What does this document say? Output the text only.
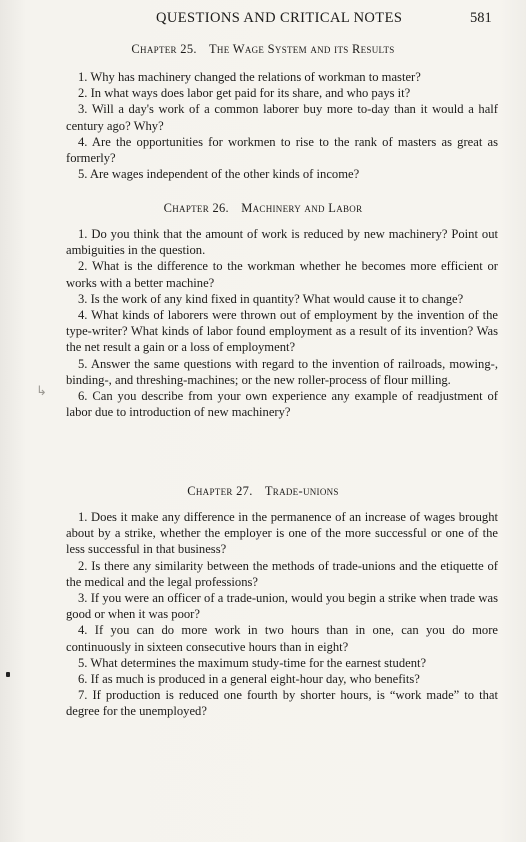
QUESTIONS AND CRITICAL NOTES	581
Chapter 25. The Wage System and its Results

1. Why has machinery changed the relations of workman to master?

2. In what ways does labor get paid for its share, and who pays it?

3. Will a day's work of a common laborer buy more to-day than it would a half century ago? Why?

4. Are the opportunities for workmen to rise to the rank of masters as great as formerly?

5. Are wages independent of the other kinds of income?

Chapter 26. Machinery and Labor

1. Do you think that the amount of work is reduced by new machinery? Point out ambiguities in the question.

2. What is the difference to the workman whether he becomes more efficient or works with a better machine?

3. Is the work of any kind fixed in quantity? What would cause it to change?

4. What kinds of laborers were thrown out of employment by the invention of the type-writer? What kinds of labor found employment as a result of its invention? Was the net result a gain or a loss of employment?

5. Answer the same questions with regard to the invention of railroads, mowing-, binding-, and threshing-machines; or the new roller-process of flour milling.

6. Can you describe from your own experience any example of readjustment of labor due to introduction of new machinery?

Chapter 27. Trade-unions

1. Does it make any difference in the permanence of an increase of wages brought about by a strike, whether the employer is one of the more successful or one of the less successful in that business?

2. Is there any similarity between the methods of trade-unions and the etiquette of the medical and the legal professions?

3. If you were an officer of a trade-union, would you begin a strike when trade was good or when it was poor?

4. If you can do more work in two hours than in one, can you do more continuously in sixteen consecutive hours than in eight?

5. What determines the maximum study-time for the earnest student?

6. If as much is produced in a general eight-hour day, who benefits?

7. If production is reduced one fourth by shorter hours, is “work made” to that degree for the unemployed?

↳
